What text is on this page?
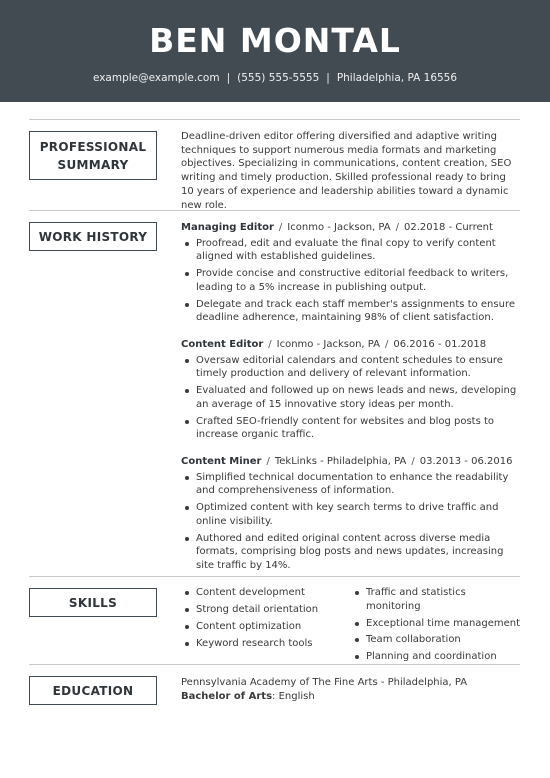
BEN MONTAL
example@example.com | (555) 555-5555 | Philadelphia, PA 16556
PROFESSIONAL
SUMMARY

Deadline-driven editor offering diversified and adaptive writing techniques to support numerous media formats and marketing objectives. Specializing in communications, content creation, SEO writing and timely production. Skilled professional ready to bring 10 years of experience and leadership abilities toward a dynamic new role.

WORK HISTORY
Managing Editor / Iconmo - Jackson, PA / 02.2018 - Current
Proofread, edit and evaluate the final copy to verify content aligned with established guidelines.
Provide concise and constructive editorial feedback to writers, leading to a 5% increase in publishing output.
Delegate and track each staff member's assignments to ensure deadline adherence, maintaining 98% of client satisfaction.
Content Editor / Iconmo - Jackson, PA / 06.2016 - 01.2018
Oversaw editorial calendars and content schedules to ensure timely production and delivery of relevant information.
Evaluated and followed up on news leads and news, developing an average of 15 innovative story ideas per month.
Crafted SEO-friendly content for websites and blog posts to increase organic traffic.
Content Miner / TekLinks - Philadelphia, PA / 03.2013 - 06.2016
Simplified technical documentation to enhance the readability and comprehensiveness of information.
Optimized content with key search terms to drive traffic and online visibility.
Authored and edited original content across diverse media formats, comprising blog posts and news updates, increasing site traffic by 14%.
SKILLS
Content development
Strong detail orientation
Content optimization
Keyword research tools
Traffic and statistics monitoring
Exceptional time management
Team collaboration
Planning and coordination
EDUCATION

Pennsylvania Academy of The Fine Arts - Philadelphia, PA

Bachelor of Arts: English
